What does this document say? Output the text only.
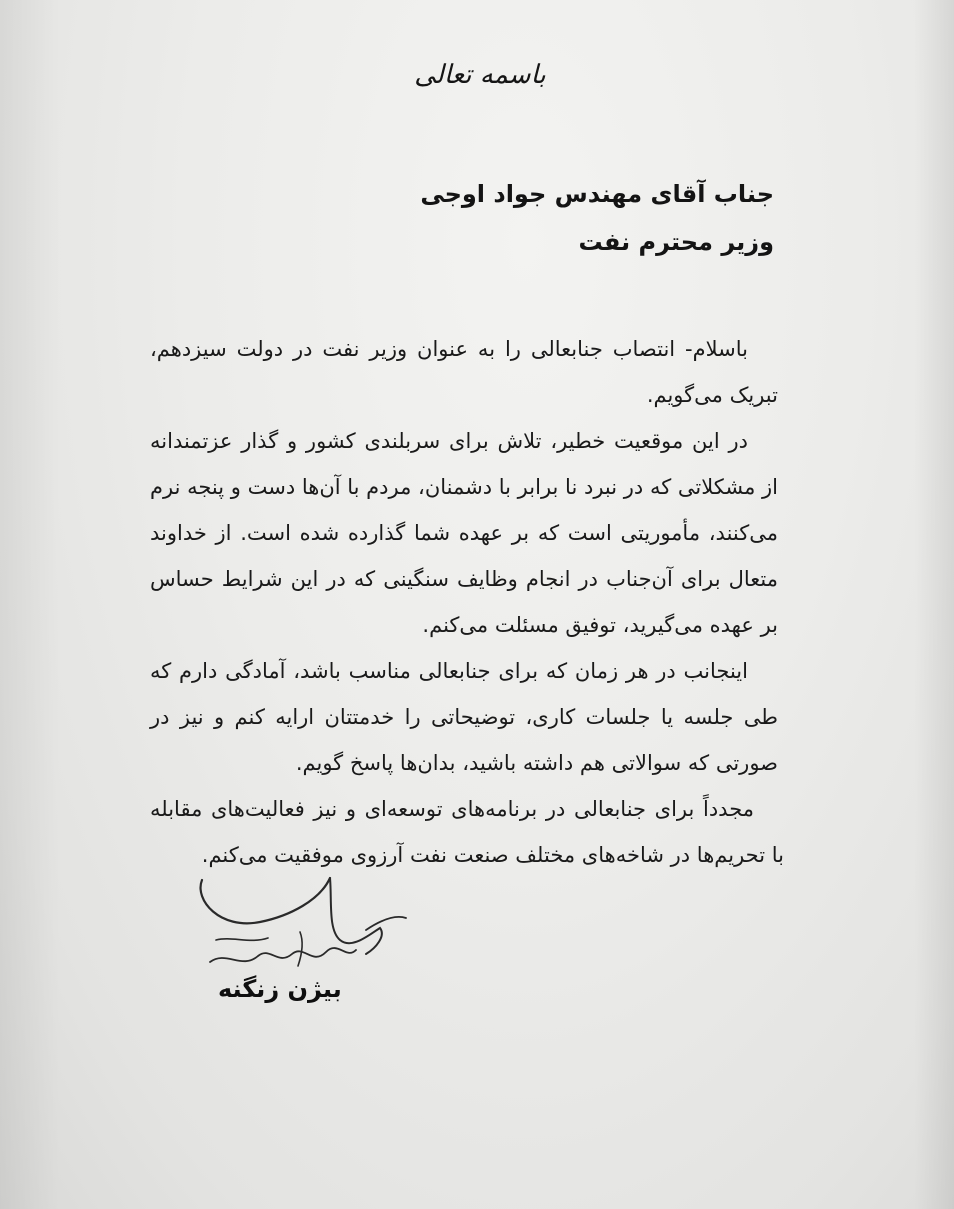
باسمه تعالی
جناب آقای مهندس جواد اوجی
وزیر محترم نفت

باسلام- انتصاب جنابعالی را به عنوان وزیر نفت در دولت سیزدهم، تبریک می‌گویم.

در این موقعیت خطیر، تلاش برای سربلندی کشور و گذار عزتمندانه از مشکلاتی که در نبرد نا برابر با دشمنان، مردم با آن‌ها دست و پنجه نرم می‌کنند، مأموریتی است که بر عهده شما گذارده شده است. از خداوند متعال برای آن‌جناب در انجام وظایف سنگینی که در این شرایط حساس بر عهده می‌گیرید، توفیق مسئلت می‌کنم.

اینجانب در هر زمان که برای جنابعالی مناسب باشد، آمادگی دارم که طی جلسه یا جلسات کاری، توضیحاتی را خدمتتان ارایه کنم و نیز در صورتی که سوالاتی هم داشته باشید، بدان‌ها پاسخ گویم.

مجدداً برای جنابعالی در برنامه‌های توسعه‌ای و نیز فعالیت‌های مقابله با تحریم‌ها در شاخه‌های مختلف صنعت نفت آرزوی موفقیت می‌کنم.

بیژن زنگنه
